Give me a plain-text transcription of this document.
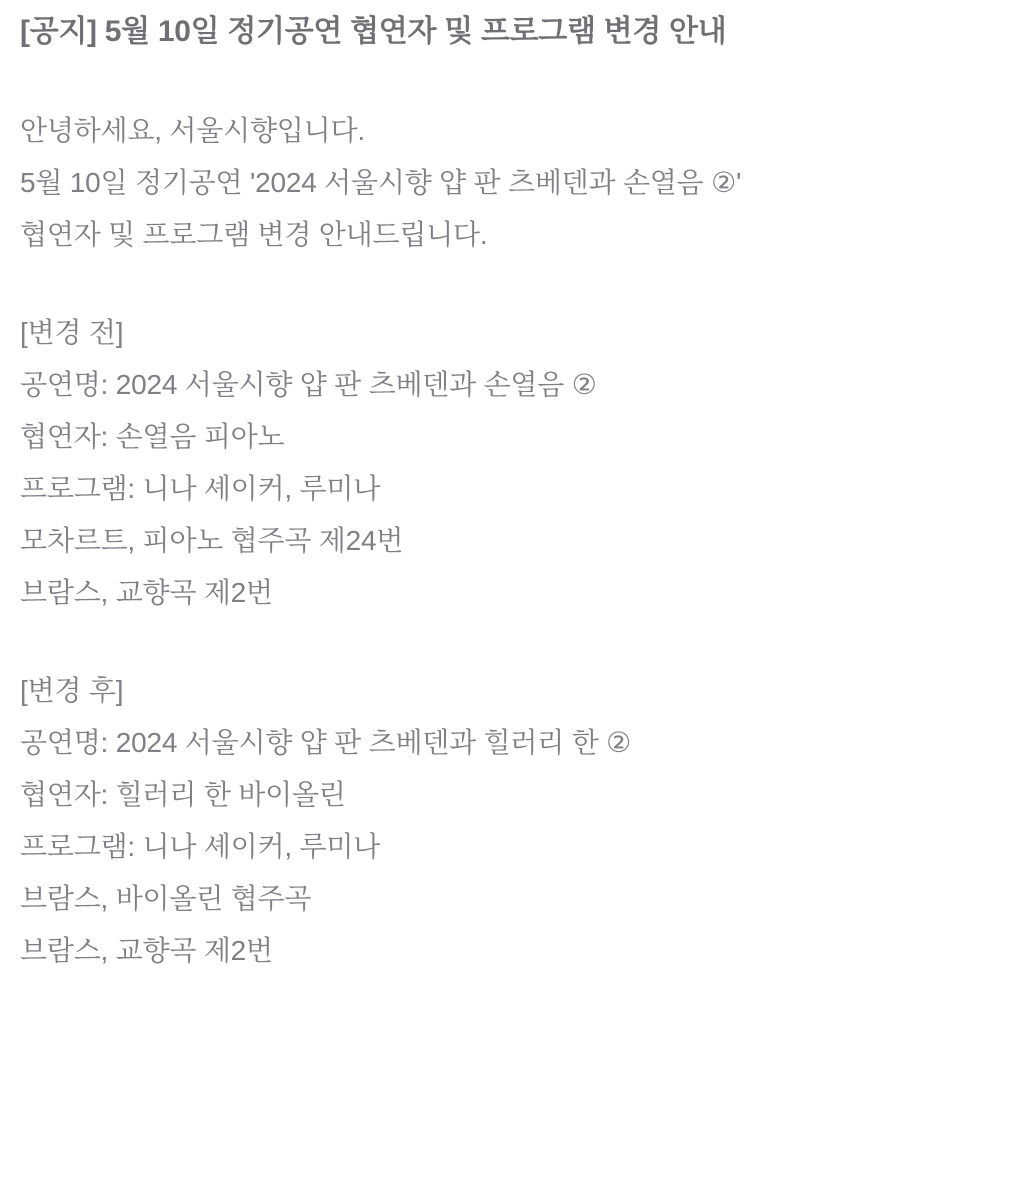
[공지] 5월 10일 정기공연 협연자 및 프로그램 변경 안내
안녕하세요, 서울시향입니다.
5월 10일 정기공연 '2024 서울시향 얍 판 츠베덴과 손열음 ②'
협연자 및 프로그램 변경 안내드립니다.
[변경 전]
공연명: 2024 서울시향 얍 판 츠베덴과 손열음 ②
협연자: 손열음 피아노
프로그램: 니나 셰이커, 루미나
모차르트, 피아노 협주곡 제24번
브람스, 교향곡 제2번
[변경 후]
공연명: 2024 서울시향 얍 판 츠베덴과 힐러리 한 ②
협연자: 힐러리 한 바이올린
프로그램: 니나 셰이커, 루미나
브람스, 바이올린 협주곡
브람스, 교향곡 제2번
